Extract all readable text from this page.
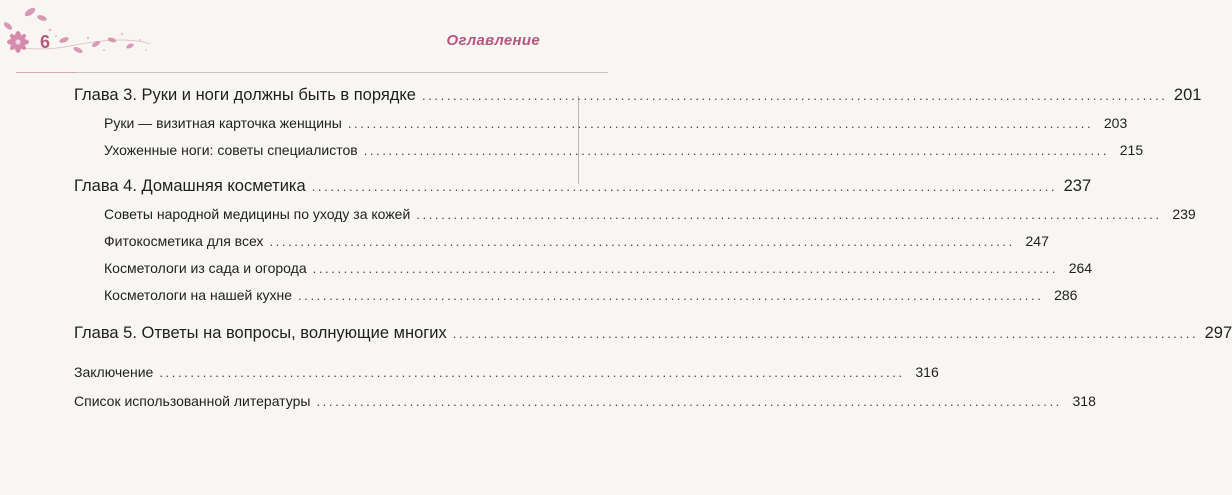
6	Оглавление
Глава 3. Руки и ноги должны быть в порядке ........................................................................................................................ 201
Руки — визитная карточка женщины ........................................................................................................................ 203
Ухоженные ноги: советы специалистов ........................................................................................................................ 215
Глава 4. Домашняя косметика ........................................................................................................................ 237
Советы народной медицины по уходу за кожей ........................................................................................................................ 239
Фитокосметика для всех ........................................................................................................................ 247
Косметологи из сада и огорода ........................................................................................................................ 264
Косметологи на нашей кухне ........................................................................................................................ 286
Глава 5. Ответы на вопросы, волнующие многих ........................................................................................................................ 297
Заключение ........................................................................................................................ 316
Список использованной литературы ........................................................................................................................ 318
